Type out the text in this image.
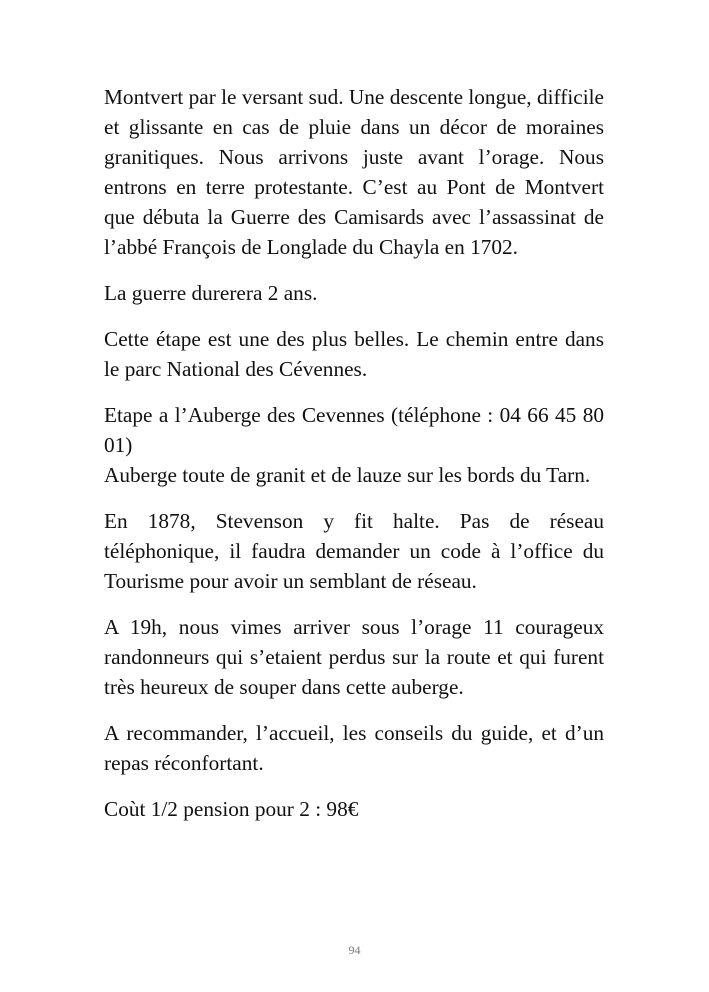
Montvert par le versant sud. Une descente longue, difficile et glissante en cas de pluie dans un décor de moraines granitiques. Nous arrivons juste avant l’orage. Nous entrons en terre protestante. C’est au Pont de Montvert que débuta la Guerre des Camisards avec l’assassinat de l’abbé François de Longlade du Chayla en 1702.

La guerre durerera 2 ans.

Cette étape est une des plus belles. Le chemin entre dans le parc National des Cévennes.

Etape a l’Auberge des Cevennes (téléphone : 04 66 45 80 01)

Auberge toute de granit et de lauze sur les bords du Tarn.

En 1878, Stevenson y fit halte. Pas de réseau téléphonique, il faudra demander un code à l’office du Tourisme pour avoir un semblant de réseau.

A 19h, nous vimes arriver sous l’orage 11 courageux randonneurs qui s’etaient perdus sur la route et qui furent très heureux de souper dans cette auberge.

A recommander, l’accueil, les conseils du guide, et d’un repas réconfortant.

Coùt 1/2 pension pour 2 : 98€

94
